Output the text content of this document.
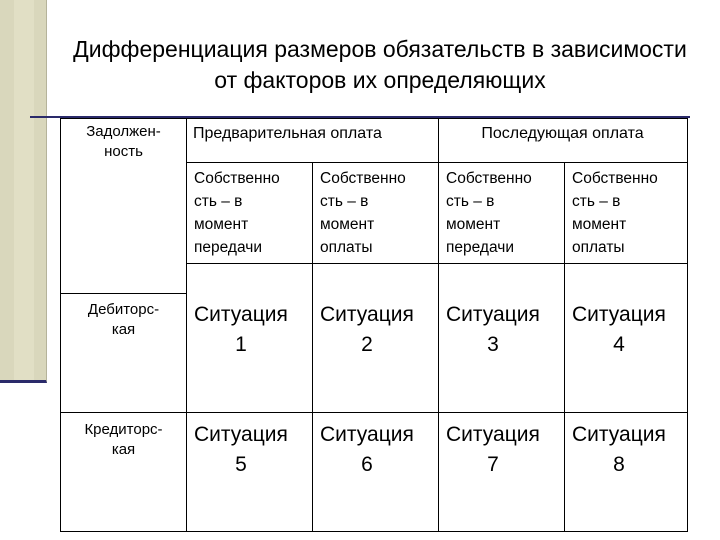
Дифференциация размеров обязательств в зависимости от факторов их определяющих
Задолжен-
ность
Предварительная оплата	Последующая оплата
Собственно
сть – в
момент
передачи
Собственно
сть – в
момент
оплаты
Собственно
сть – в
момент
передачи
Собственно
сть – в
момент
оплаты
Дебиторс-
кая
Ситуация
1
Ситуация
2
Ситуация
3
Ситуация
4
Кредиторс-
кая
Ситуация
5
Ситуация
6
Ситуация
7
Ситуация
8
